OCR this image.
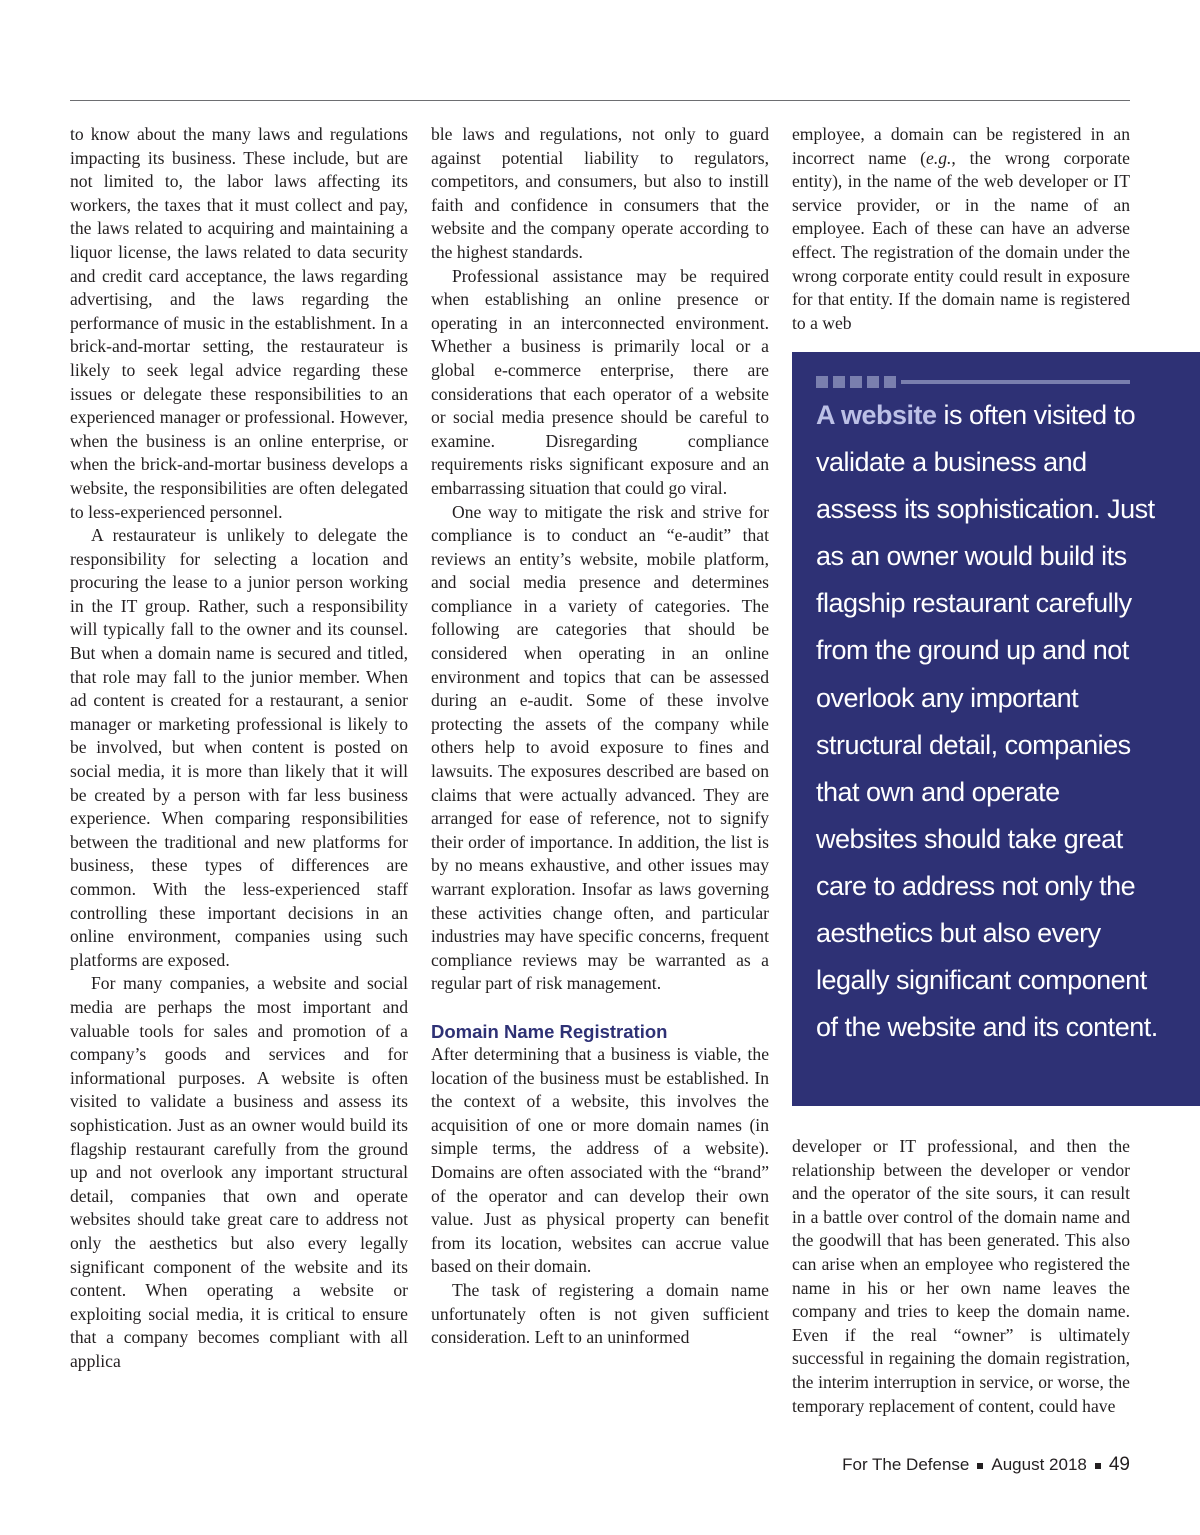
to know about the many laws and regulations impacting its business. These include, but are not limited to, the labor laws affecting its workers, the taxes that it must collect and pay, the laws related to acquiring and maintaining a liquor license, the laws related to data security and credit card acceptance, the laws regarding advertising, and the laws regarding the performance of music in the establishment. In a brick-and-mortar setting, the restaurateur is likely to seek legal advice regarding these issues or delegate these responsibilities to an experienced manager or professional. However, when the business is an online enterprise, or when the brick-and-mortar business develops a website, the responsibilities are often delegated to less-experienced personnel.

A restaurateur is unlikely to delegate the responsibility for selecting a location and procuring the lease to a junior person working in the IT group. Rather, such a responsibility will typically fall to the owner and its counsel. But when a domain name is secured and titled, that role may fall to the junior member. When ad content is created for a restaurant, a senior manager or marketing professional is likely to be involved, but when content is posted on social media, it is more than likely that it will be created by a person with far less business experience. When comparing responsibilities between the traditional and new platforms for business, these types of differences are common. With the less-experienced staff controlling these important decisions in an online environment, companies using such platforms are exposed.

For many companies, a website and social media are perhaps the most important and valuable tools for sales and promotion of a company’s goods and services and for informational purposes. A website is often visited to validate a business and assess its sophistication. Just as an owner would build its flagship restaurant carefully from the ground up and not overlook any important structural detail, companies that own and operate websites should take great care to address not only the aesthetics but also every legally significant component of the website and its content. When operating a website or exploiting social media, it is critical to ensure that a company becomes compliant with all applica

ble laws and regulations, not only to guard against potential liability to regulators, competitors, and consumers, but also to instill faith and confidence in consumers that the website and the company operate according to the highest standards.

Professional assistance may be required when establishing an online presence or operating in an interconnected environment. Whether a business is primarily local or a global e-commerce enterprise, there are considerations that each operator of a website or social media presence should be careful to examine. Disregarding compliance requirements risks significant exposure and an embarrassing situation that could go viral.

One way to mitigate the risk and strive for compliance is to conduct an “e-audit” that reviews an entity’s website, mobile platform, and social media presence and determines compliance in a variety of categories. The following are categories that should be considered when operating in an online environment and topics that can be assessed during an e-audit. Some of these involve protecting the assets of the company while others help to avoid exposure to fines and lawsuits. The exposures described are based on claims that were actually advanced. They are arranged for ease of reference, not to signify their order of importance. In addition, the list is by no means exhaustive, and other issues may warrant exploration. Insofar as laws governing these activities change often, and particular industries may have specific concerns, frequent compliance reviews may be warranted as a regular part of risk management.

Domain Name Registration

After determining that a business is viable, the location of the business must be established. In the context of a website, this involves the acquisition of one or more domain names (in simple terms, the address of a website). Domains are often associated with the “brand” of the operator and can develop their own value. Just as physical property can benefit from its location, websites can accrue value based on their domain.

The task of registering a domain name unfortunately often is not given sufficient consideration. Left to an uninformed

employee, a domain can be registered in an incorrect name (e.g., the wrong corporate entity), in the name of the web developer or IT service provider, or in the name of an employee. Each of these can have an adverse effect. The registration of the domain under the wrong corporate entity could result in exposure for that entity. If the domain name is registered to a web

A website is often visited to validate a business and assess its sophistication. Just as an owner would build its flagship restaurant carefully from the ground up and not overlook any important structural detail, companies that own and operate websites should take great care to address not only the aesthetics but also every legally significant component of the website and its content.

developer or IT professional, and then the relationship between the developer or vendor and the operator of the site sours, it can result in a battle over control of the domain name and the goodwill that has been generated. This also can arise when an employee who registered the name in his or her own name leaves the company and tries to keep the domain name. Even if the real “owner” is ultimately successful in regaining the domain registration, the interim interruption in service, or worse, the temporary replacement of content, could have

For The Defense August 2018 49
